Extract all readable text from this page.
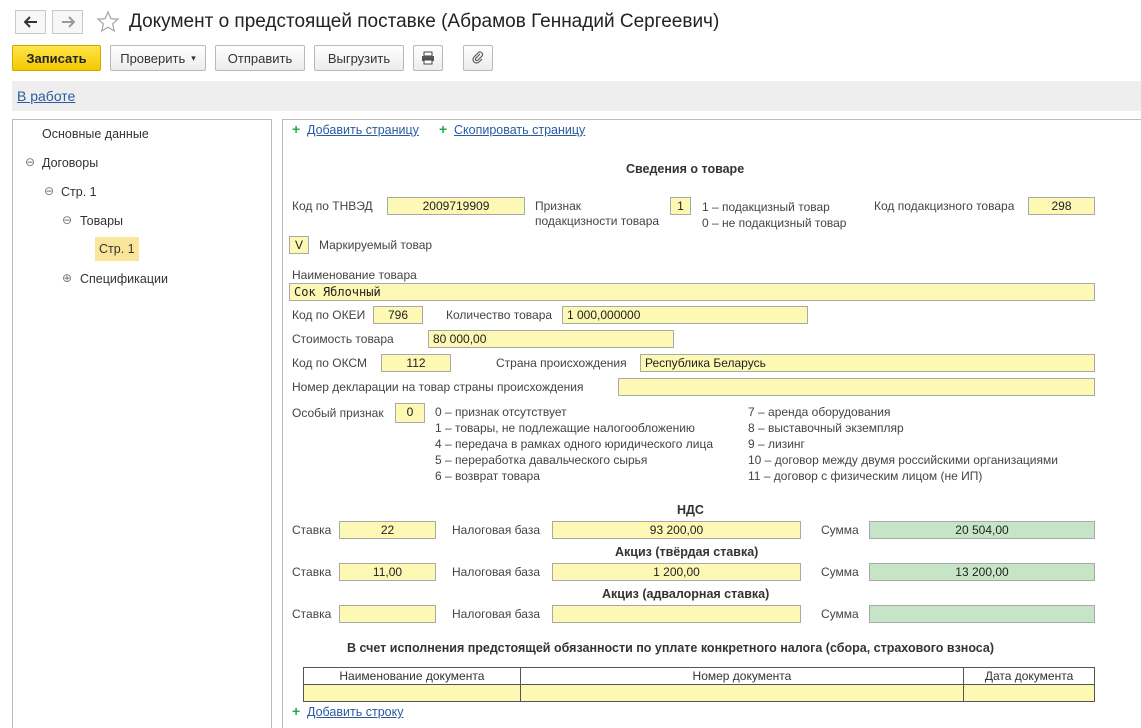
Документ о предстоящей поставке (Абрамов Геннадий Сергеевич)
Записать	Проверить ▾	Отправить	Выгрузить
В работе
Основные данные
⊖ Договоры
⊖ Стр. 1
⊖ Товары
Стр. 1
⊕ Спецификации
+ Добавить страницу + Скопировать страницу
Сведения о товаре
Код по ТНВЭД	2009719909	Признак
подакцизности товара
1	1 – подакцизный товар
0 – не подакцизный товар
Код подакцизного товара	298
V	Маркируемый товар
Наименование товара
Сок Яблочный
Код по ОКЕИ	796	Количество товара	1 000,000000
Стоимость товара	80 000,00
Код по ОКСМ	112	Страна происхождения	Республика Беларусь
Номер декларации на товар страны происхождения
Особый признак	0	0 – признак отсутствует
1 – товары, не подлежащие налогообложению
4 – передача в рамках одного юридического лица
5 – переработка давальческого сырья
6 – возврат товара
7 – аренда оборудования
8 – выставочный экземпляр
9 – лизинг
10 – договор между двумя российскими организациями
11 – договор с физическим лицом (не ИП)
НДС
Ставка	22	Налоговая база	93 200,00	Сумма	20 504,00
Акциз (твёрдая ставка)
Ставка	11,00	Налоговая база	1 200,00	Сумма	13 200,00
Акциз (адвалорная ставка)
Ставка	Налоговая база	Сумма
В счет исполнения предстоящей обязанности по уплате конкретного налога (сбора, страхового взноса)
Наименование документа	Номер документа	Дата документа

+ Добавить строку
